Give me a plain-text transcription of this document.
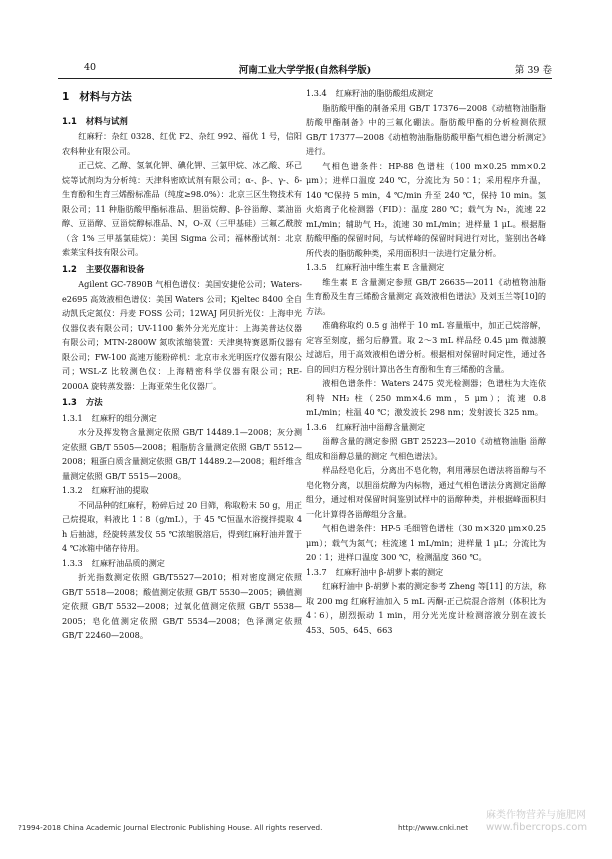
40	河南工业大学学报(自然科学版)	第 39 卷
1 材料与方法
1.1 材料与试剂

红麻籽：杂红 0328、红优 F2、杂红 992、福优 1 号，信阳农科种业有限公司。

正己烷、乙醇、氢氧化钾、碘化钾、三氯甲烷、冰乙酸、环己烷等试剂均为分析纯：天津科密欧试剂有限公司；α-、β-、γ-、δ-生育酚和生育三烯酚标准品（纯度≥98.0%）：北京三区生物技术有限公司；11 种脂肪酸甲酯标准品、胆甾烷醇、β-谷甾醇、菜油甾醇、豆甾醇、豆甾烷醇标准品、N，O-双（三甲基硅）三氟乙酰胺（含 1% 三甲基氯硅烷）：美国 Sigma 公司；福林酚试剂：北京索莱宝科技有限公司。

1.2 主要仪器和设备

Agilent GC-7890B 气相色谱仪：美国安捷伦公司；Waters-e2695 高效液相色谱仪：美国 Waters 公司；Kjeltec 8400 全自动凯氏定氮仪：丹麦 FOSS 公司；12WAJ 阿贝折光仪：上海申光仪器仪表有限公司；UV-1100 紫外分光光度计：上海美普达仪器有限公司；MTN-2800W 氮吹浓缩装置：天津奥特赛恩斯仪器有限公司；FW-100 高速万能粉碎机：北京市永光明医疗仪器有限公司；WSL-Z 比较测色仪：上海精密科学仪器有限公司；RE-2000A 旋转蒸发器：上海亚荣生化仪器厂。

1.3 方法
1.3.1 红麻籽的组分测定

水分及挥发物含量测定依照 GB/T 14489.1—2008；灰分测定依照 GB/T 5505—2008；粗脂肪含量测定依照 GB/T 5512—2008；粗蛋白质含量测定依照 GB/T 14489.2—2008；粗纤维含量测定依照 GB/T 5515—2008。

1.3.2 红麻籽油的提取

不同品种的红麻籽，粉碎后过 20 目筛，称取粉末 50 g，用正己烷提取，料液比 1∶8（g/mL），于 45 ℃恒温水浴搅拌提取 4 h 后抽滤，经旋转蒸发仪 55 ℃浓缩脱溶后，得到红麻籽油并置于 4 ℃冰箱中储存待用。

1.3.3 红麻籽油品质的测定

折光指数测定依照 GB/T5527—2010；相对密度测定依照 GB/T 5518—2008；酸值测定依照 GB/T 5530—2005；碘值测定依照 GB/T 5532—2008；过氧化值测定依照 GB/T 5538—2005；皂化值测定依照 GB/T 5534—2008；色泽测定依照 GB/T 22460—2008。

1.3.4 红麻籽油的脂肪酸组成测定

脂肪酸甲酯的制备采用 GB/T 17376—2008《动植物油脂脂肪酸甲酯制备》中的三氟化硼法。脂肪酸甲酯的分析检测依照 GB/T 17377—2008《动植物油脂脂肪酸甲酯气相色谱分析测定》进行。

气相色谱条件：HP-88 色谱柱（100 m×0.25 mm×0.2 μm）；进样口温度 240 ℃，分流比为 50∶1；采用程序升温，140 ℃保持 5 min，4 ℃/min 升至 240 ℃，保持 10 min。氢火焰离子化检测器（FID）：温度 280 ℃；载气为 N₂，流速 22 mL/min；辅助气 H₂，流速 30 mL/min；进样量 1 μL。根据脂肪酸甲酯的保留时间，与试样峰的保留时间进行对比，鉴别出各峰所代表的脂肪酸种类，采用面积归一法进行定量分析。

1.3.5 红麻籽油中维生素 E 含量测定

维生素 E 含量测定参照 GB/T 26635—2011《动植物油脂 生育酚及生育三烯酚含量测定 高效液相色谱法》及刘玉兰等[10]的方法。

准确称取约 0.5 g 油样于 10 mL 容量瓶中，加正己烷溶解，定容至刻度，摇匀后静置。取 2～3 mL 样品经 0.45 μm 微滤膜过滤后，用于高效液相色谱分析。根据相对保留时间定性，通过各自的回归方程分别计算出各生育酚和生育三烯酚的含量。

液相色谱条件：Waters 2475 荧光检测器；色谱柱为大连依利特 NH₂ 柱（250 mm×4.6 mm，5 μm）；流速 0.8 mL/min；柱温 40 ℃；激发波长 298 nm；发射波长 325 nm。

1.3.6 红麻籽油中甾醇含量测定

甾醇含量的测定参照 GBT 25223—2010《动植物油脂 甾醇组成和甾醇总量的测定 气相色谱法》。

样品经皂化后，分离出不皂化物，利用薄层色谱法将甾醇与不皂化物分离，以胆甾烷醇为内标物，通过气相色谱法分离测定甾醇组分，通过相对保留时间鉴别试样中的甾醇种类，并根据峰面积归一化计算得各甾醇组分含量。

气相色谱条件：HP-5 毛细管色谱柱（30 m×320 μm×0.25 μm）；载气为氮气；柱流速 1 mL/min；进样量 1 μL；分流比为 20∶1；进样口温度 300 ℃，检测温度 360 ℃。

1.3.7 红麻籽油中 β-胡萝卜素的测定

红麻籽油中 β-胡萝卜素的测定参考 Zheng 等[11] 的方法，称取 200 mg 红麻籽油加入 5 mL 丙酮-正己烷混合溶剂（体积比为 4∶6），剧烈振动 1 min，用分光光度计检测溶液分别在波长 453、505、645、663

?1994-2018 China Academic Journal Electronic Publishing House. All rights reserved.	http://www.cnki.net
麻类作物营养与施肥网 www.fibercrops.com
